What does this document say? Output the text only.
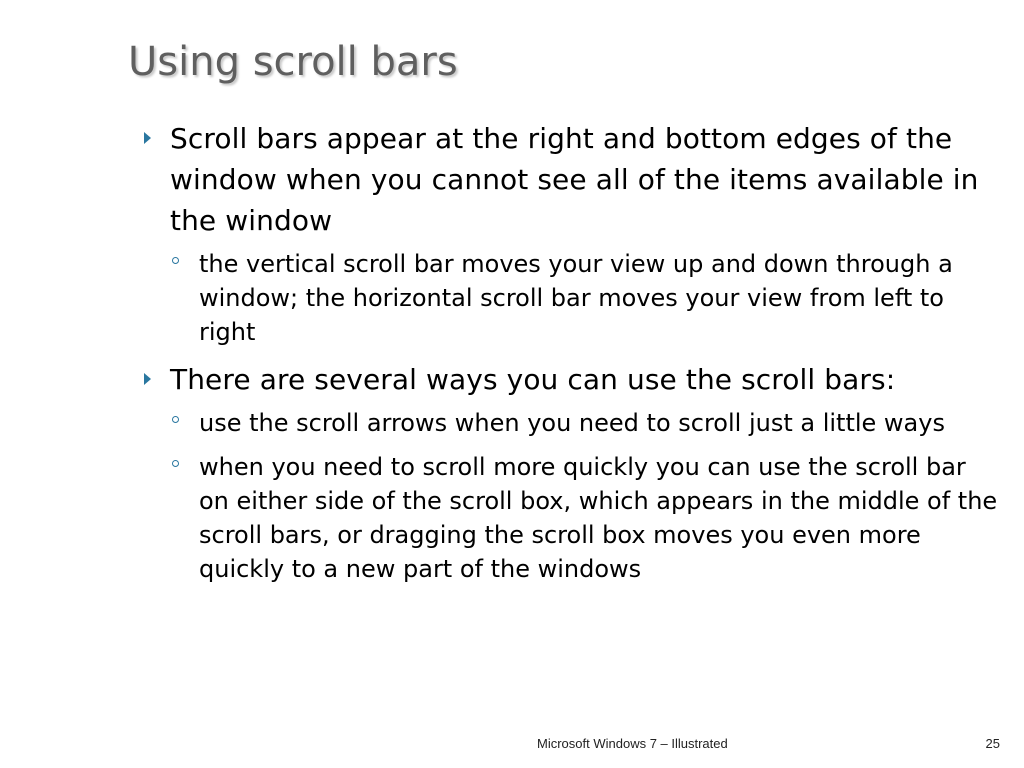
Using scroll bars
Scroll bars appear at the right and bottom edges of the window when you cannot see all of the items available in the window
the vertical scroll bar moves your view up and down through a window; the horizontal scroll bar moves your view from left to right
There are several ways you can use the scroll bars:
use the scroll arrows when you need to scroll just a little ways
when you need to scroll more quickly you can use the scroll bar on either side of the scroll box, which appears in the middle of the scroll bars, or dragging the scroll box moves you even more quickly to a new part of the windows
Microsoft Windows 7 – Illustrated	25
